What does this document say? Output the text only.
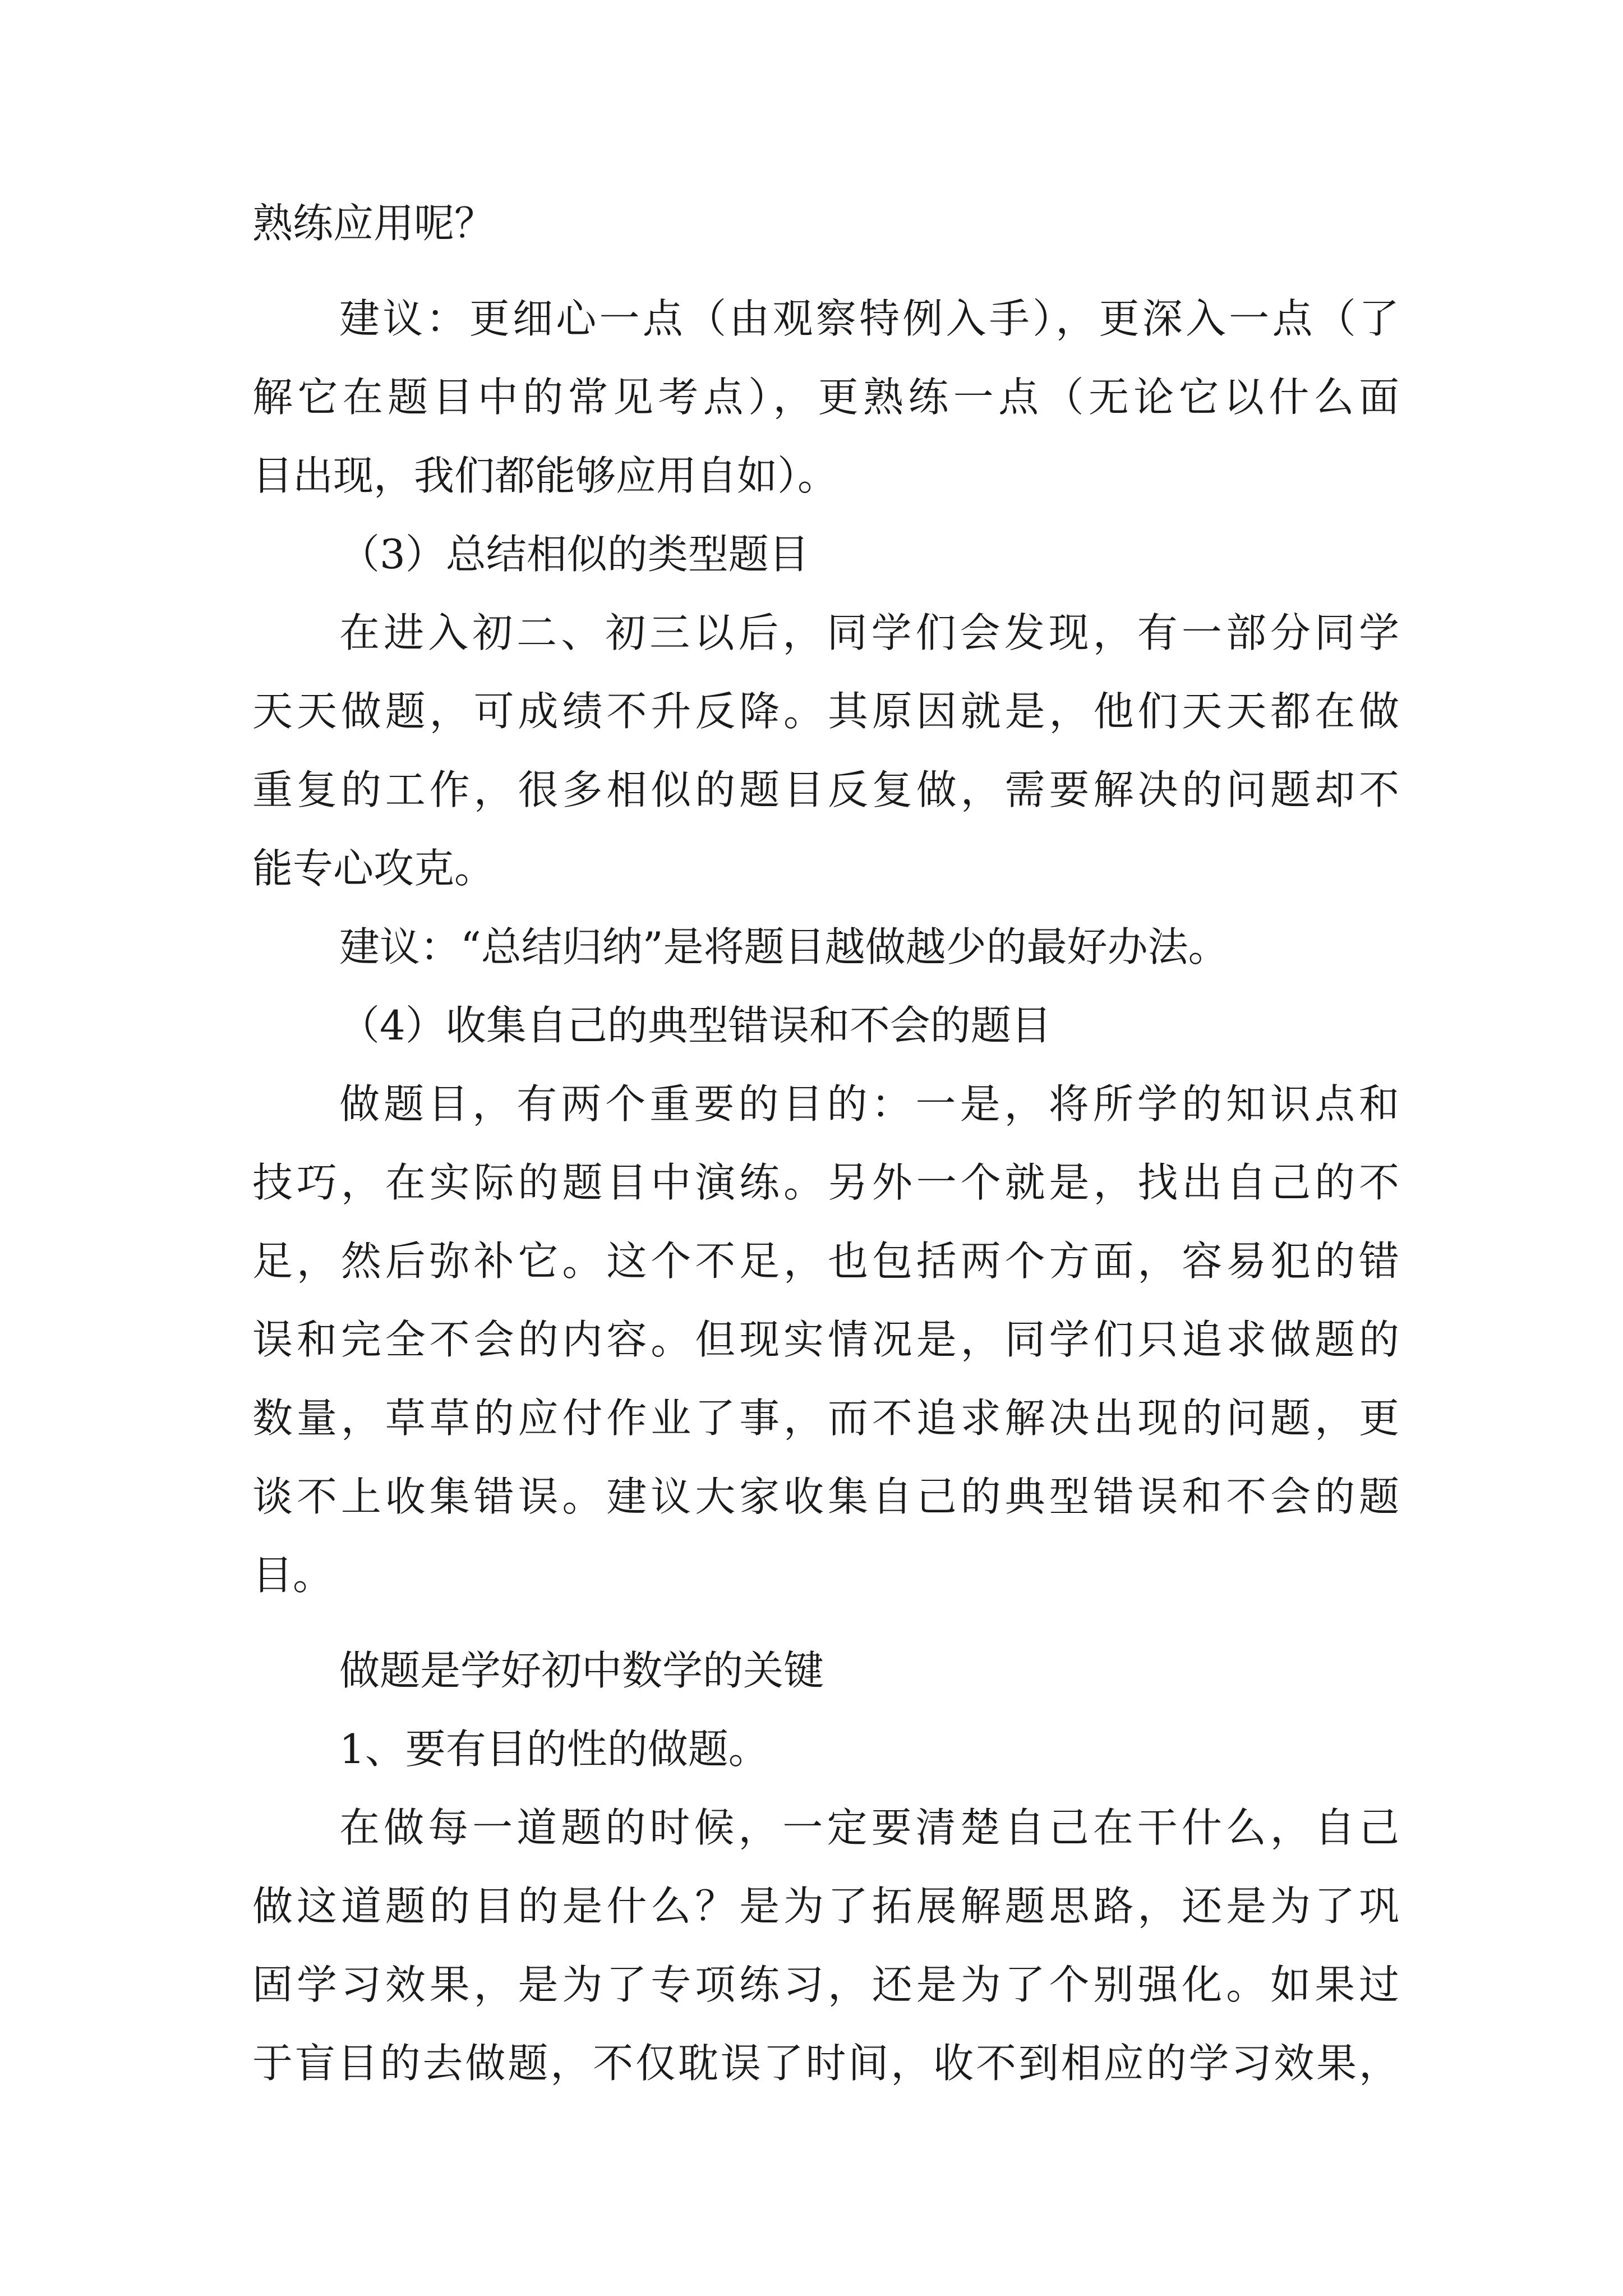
熟练应用呢？
建议：更细心一点（由观察特例入手），更深入一点（了
解它在题目中的常见考点），更熟练一点（无论它以什么面
目出现，我们都能够应用自如）。
（3）总结相似的类型题目
在进入初二、初三以后，同学们会发现，有一部分同学
天天做题，可成绩不升反降。其原因就是，他们天天都在做
重复的工作，很多相似的题目反复做，需要解决的问题却不
能专心攻克。
建议：“总结归纳”是将题目越做越少的最好办法。
（4）收集自己的典型错误和不会的题目
做题目，有两个重要的目的：一是，将所学的知识点和
技巧，在实际的题目中演练。另外一个就是，找出自己的不
足，然后弥补它。这个不足，也包括两个方面，容易犯的错
误和完全不会的内容。但现实情况是，同学们只追求做题的
数量，草草的应付作业了事，而不追求解决出现的问题，更
谈不上收集错误。建议大家收集自己的典型错误和不会的题
目。
做题是学好初中数学的关键
1、要有目的性的做题。
在做每一道题的时候，一定要清楚自己在干什么，自己
做这道题的目的是什么？是为了拓展解题思路，还是为了巩
固学习效果，是为了专项练习，还是为了个别强化。如果过
于盲目的去做题，不仅耽误了时间，收不到相应的学习效果，
